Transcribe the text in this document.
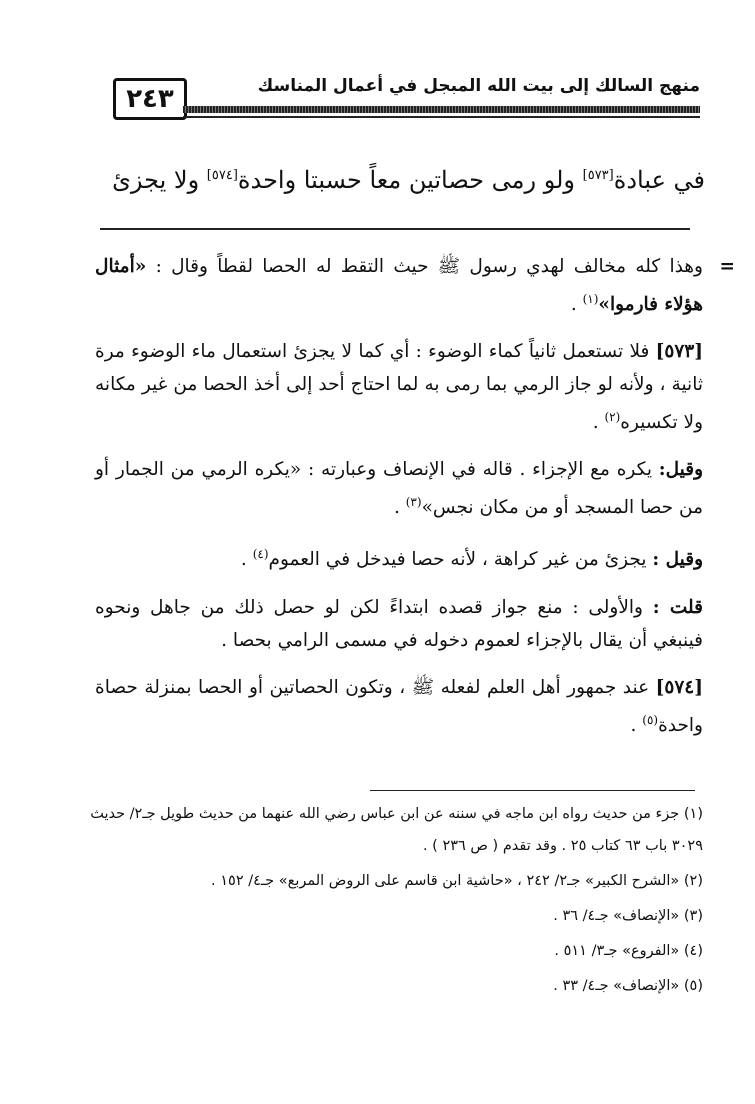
٢٤٣	منهج السالك إلى بيت الله المبجل في أعمال المناسك
في عبادة[٥٧٣] ولو رمى حصاتين معاً حسبتا واحدة[٥٧٤] ولا يجزئ

=
وهذا كله مخالف لهدي رسول ﷺ حيث التقط له الحصا لقطاً وقال : «أمثال هؤلاء فارموا»$^{(١)}$ .

[٥٧٣] فلا تستعمل ثانياً كماء الوضوء : أي كما لا يجزئ استعمال ماء الوضوء مرة ثانية ، ولأنه لو جاز الرمي بما رمى به لما احتاج أحد إلى أخذ الحصا من غير مكانه ولا تكسيره$^{(٢)}$ .

وقيل: يكره مع الإجزاء . قاله في الإنصاف وعبارته : «يكره الرمي من الجمار أو من حصا المسجد أو من مكان نجس»$^{(٣)}$ .

وقيل : يجزئ من غير كراهة ، لأنه حصا فيدخل في العموم$^{(٤)}$ .

قلت : والأولى : منع جواز قصده ابتداءً لكن لو حصل ذلك من جاهل ونحوه فينبغي أن يقال بالإجزاء لعموم دخوله في مسمى الرامي بحصا .

[٥٧٤] عند جمهور أهل العلم لفعله ﷺ ، وتكون الحصاتين أو الحصا بمنزلة حصاة واحدة$^{(٥)}$ .

(١) جزء من حديث رواه ابن ماجه في سننه عن ابن عباس رضي الله عنهما من حديث طويل جـ٢/ حديث ٣٠٢٩ باب ٦٣ كتاب ٢٥ . وقد تقدم ( ص ٢٣٦ ) .
(٢) «الشرح الكبير» جـ٢/ ٢٤٢ ، «حاشية ابن قاسم على الروض المربع» جـ٤/ ١٥٢ .
(٣) «الإنصاف» جـ٤/ ٣٦ .
(٤) «الفروع» جـ٣/ ٥١١ .
(٥) «الإنصاف» جـ٤/ ٣٣ .
